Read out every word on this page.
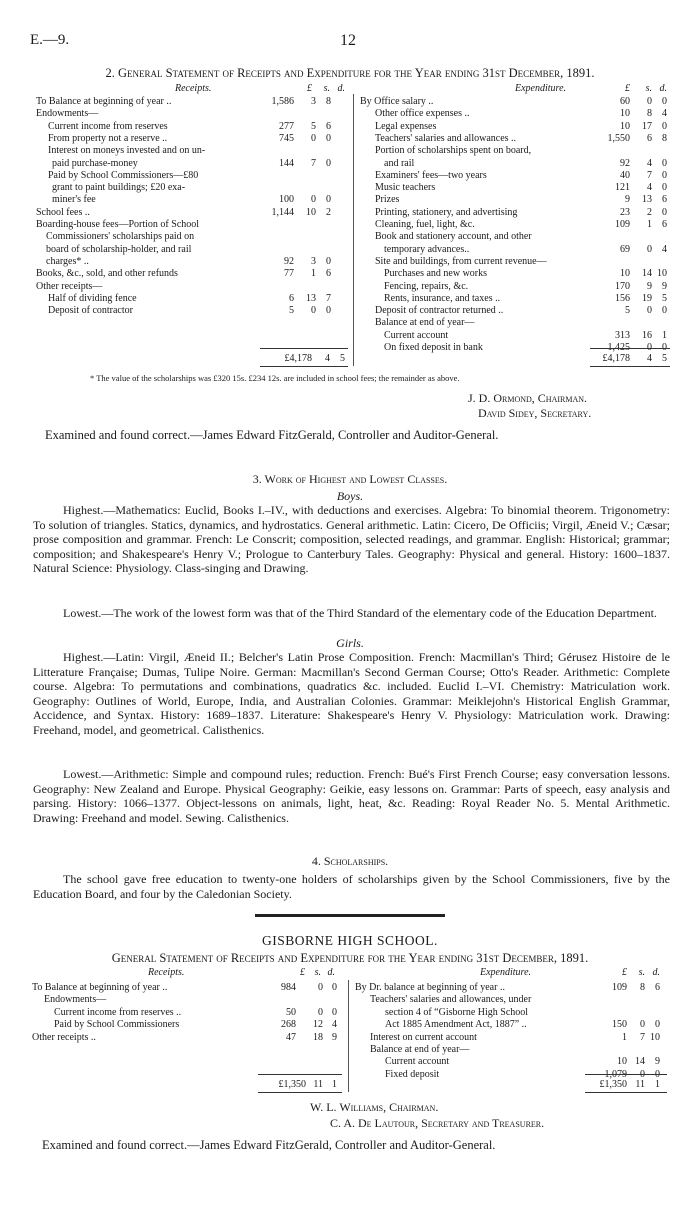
E.—9.	12
2. General Statement of Receipts and Expenditure for the Year ending 31st December, 1891.
Receipts.	£	s. d.	Expenditure.	£	s. d.
To Balance at beginning of year ..	1,586	3	8
Endowments—
Current income from reserves	277	5	6
From property not a reserve ..	745	0	0
Interest on moneys invested and on un-
paid purchase-money	144	7	0
Paid by School Commissioners—£80
grant to paint buildings; £20 exa-
miner's fee	100	0	0
School fees ..	1,144 10	2
Boarding-house fees—Portion of School
Commissioners' scholarships paid on
board of scholarship-holder, and rail
charges* ..	92	3	0
Books, &c., sold, and other refunds	77	1	6
Other receipts—
Half of dividing fence	6 13	7
Deposit of contractor	5	0	0
By Office salary ..	60	0	0
Other office expenses ..	10	8	4
Legal expenses	10 17	0
Teachers' salaries and allowances ..	1,550	6	8
Portion of scholarships spent on board,
and rail	92	4	0
Examiners' fees—two years	40	7	0
Music teachers	121	4	0
Prizes	9 13	6
Printing, stationery, and advertising	23	2	0
Cleaning, fuel, light, &c.	109	1	6
Book and stationery account, and other
temporary advances..	69	0	4
Site and buildings, from current revenue—
Purchases and new works	10 14 10
Fencing, repairs, &c.	170	9	9
Rents, insurance, and taxes ..	156 19	5
Deposit of contractor returned ..	5	0	0
Balance at end of year—
Current account	313 16	1
On fixed deposit in bank	1,425	0	0
£4,178	4	5	£4,178	4	5
* The value of the scholarships was £320 15s. £234 12s. are included in school fees; the remainder as above.
J. D. Ormond, Chairman.
David Sidey, Secretary.
Examined and found correct.—James Edward FitzGerald, Controller and Auditor-General.
3. Work of Highest and Lowest Classes.
Boys.
Highest.—Mathematics: Euclid, Books I.–IV., with deductions and exercises. Algebra: To binomial theorem. Trigonometry: To solution of triangles. Statics, dynamics, and hydrostatics. General arithmetic. Latin: Cicero, De Officiis; Virgil, Æneid V.; Cæsar; prose composition and grammar. French: Le Conscrit; composition, selected readings, and grammar. English: Historical; grammar; composition; and Shakespeare's Henry V.; Prologue to Canterbury Tales. Geography: Physical and general. History: 1600–1837. Natural Science: Physiology. Class-singing and Drawing.
Lowest.—The work of the lowest form was that of the Third Standard of the elementary code of the Education Department.
Girls.
Highest.—Latin: Virgil, Æneid II.; Belcher's Latin Prose Composition. French: Macmillan's Third; Gérusez Histoire de le Litterature Française; Dumas, Tulipe Noire. German: Macmillan's Second German Course; Otto's Reader. Arithmetic: Complete course. Algebra: To permutations and combinations, quadratics &c. included. Euclid I.–VI. Chemistry: Matriculation work. Geography: Outlines of World, Europe, India, and Australian Colonies. Grammar: Meiklejohn's Historical English Grammar, Accidence, and Syntax. History: 1689–1837. Literature: Shakespeare's Henry V. Physiology: Matriculation work. Drawing: Freehand, model, and geometrical. Calisthenics.
Lowest.—Arithmetic: Simple and compound rules; reduction. French: Bué's First French Course; easy conversation lessons. Geography: New Zealand and Europe. Physical Geography: Geikie, easy lessons on. Grammar: Parts of speech, easy analysis and parsing. History: 1066–1377. Object-lessons on animals, light, heat, &c. Reading: Royal Reader No. 5. Mental Arithmetic. Drawing: Freehand and model. Sewing. Calisthenics.
4. Scholarships.
The school gave free education to twenty-one holders of scholarships given by the School Commissioners, five by the Education Board, and four by the Caledonian Society.
GISBORNE HIGH SCHOOL.
General Statement of Receipts and Expenditure for the Year ending 31st December, 1891.
Receipts.	£ s. d.	Expenditure.	£	s. d.
To Balance at beginning of year ..	984	0 0
Endowments—
Current income from reserves ..	50	0 0
Paid by School Commissioners	268 12 4
Other receipts ..	47 18 9
By Dr. balance at beginning of year ..	109	8	6
Teachers' salaries and allowances, under
section 4 of “Gisborne High School
Act 1885 Amendment Act, 1887” ..	150	0	0
Interest on current account	1	7 10
Balance at end of year—
Current account	10 14	9
Fixed deposit	1,079	0	0
£1,350 11 1	£1,350 11	1
W. L. Williams, Chairman.
C. A. De Lautour, Secretary and Treasurer.
Examined and found correct.—James Edward FitzGerald, Controller and Auditor-General.
